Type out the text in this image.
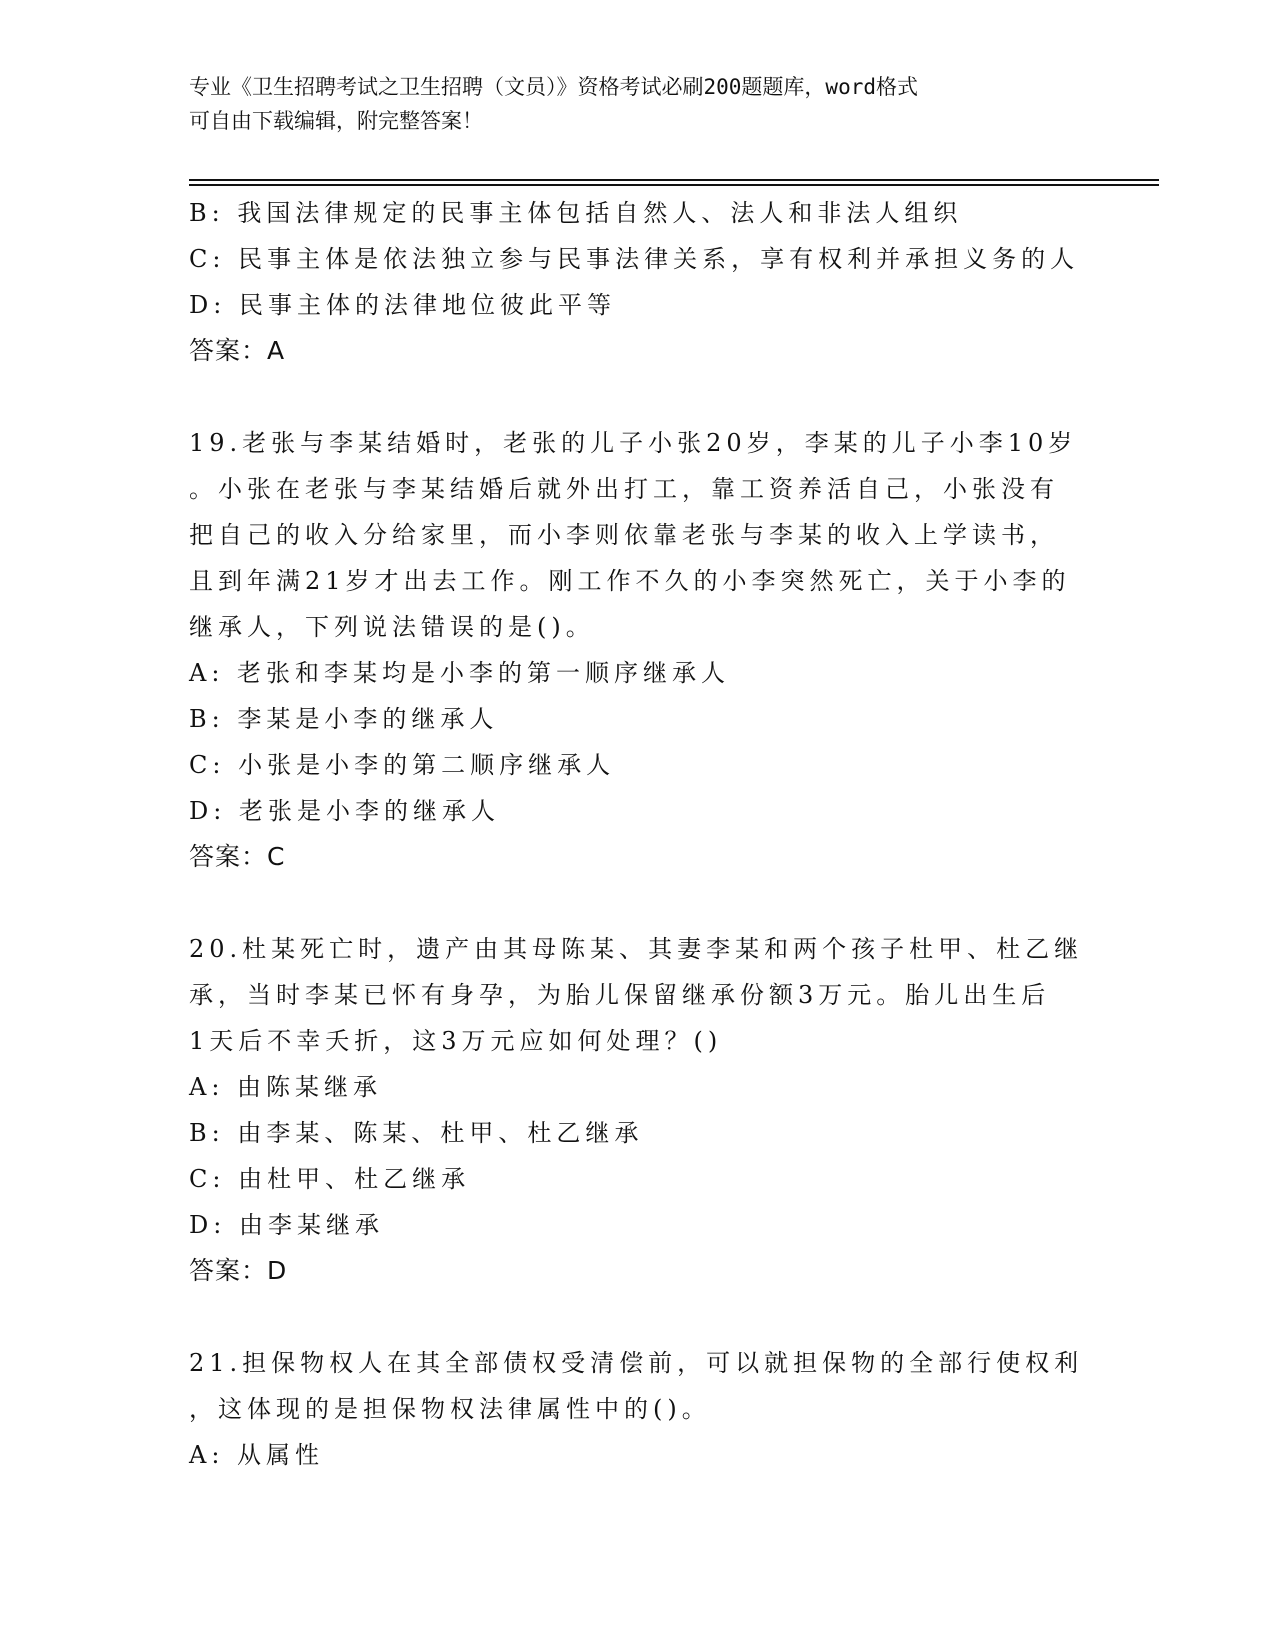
专业《卫生招聘考试之卫生招聘（文员）》资格考试必刷200题题库，word格式
可自由下载编辑，附完整答案！
B: 我国法律规定的民事主体包括自然人、法人和非法人组织
C: 民事主体是依法独立参与民事法律关系，享有权利并承担义务的人
D: 民事主体的法律地位彼此平等
答案：A
19.老张与李某结婚时，老张的儿子小张20岁，李某的儿子小李10岁
。小张在老张与李某结婚后就外出打工，靠工资养活自己，小张没有
把自己的收入分给家里，而小李则依靠老张与李某的收入上学读书，
且到年满21岁才出去工作。刚工作不久的小李突然死亡，关于小李的
继承人，下列说法错误的是()。
A: 老张和李某均是小李的第一顺序继承人
B: 李某是小李的继承人
C: 小张是小李的第二顺序继承人
D: 老张是小李的继承人
答案：C
20.杜某死亡时，遗产由其母陈某、其妻李某和两个孩子杜甲、杜乙继
承，当时李某已怀有身孕，为胎儿保留继承份额3万元。胎儿出生后
1天后不幸夭折，这3万元应如何处理？()
A: 由陈某继承
B: 由李某、陈某、杜甲、杜乙继承
C: 由杜甲、杜乙继承
D: 由李某继承
答案：D
21.担保物权人在其全部债权受清偿前，可以就担保物的全部行使权利
，这体现的是担保物权法律属性中的()。
A: 从属性
